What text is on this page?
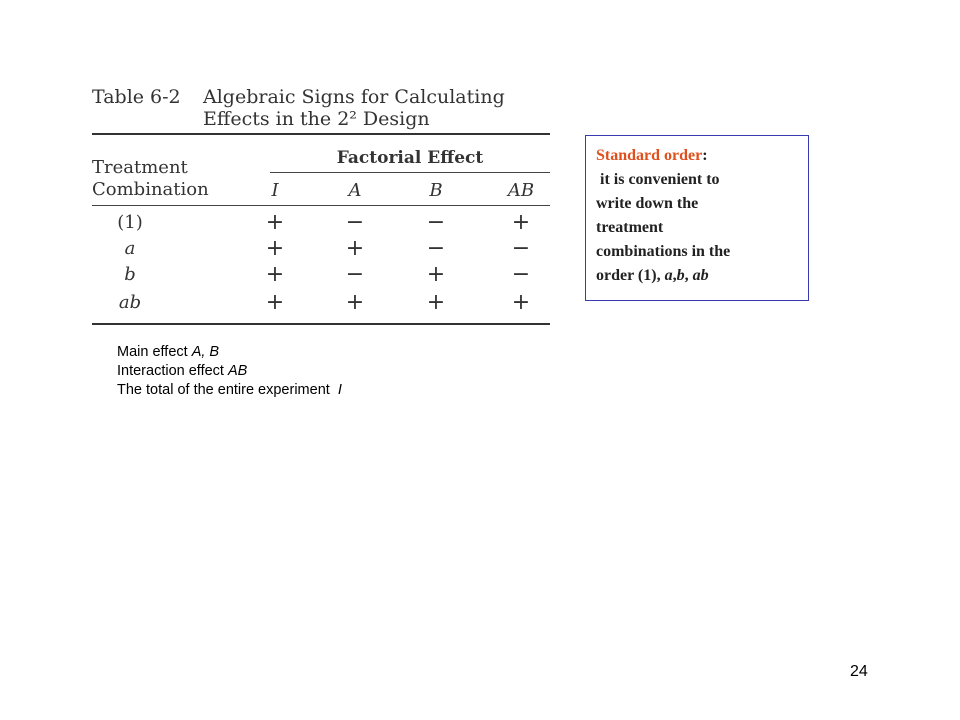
Table 6-2 Algebraic Signs for Calculating
Effects in the 2² Design
Treatment
Combination
Factorial Effect
I	A	B	AB
(1)	+	−	−	+
a	+	+	−	−
b	+	−	+	−
ab	+	+	+	+
Main effect A, B
Interaction effect AB
The total of the entire experiment  I

Standard order:

it is convenient to
write down the
treatment
combinations in the
order (1), a,b, ab

24
